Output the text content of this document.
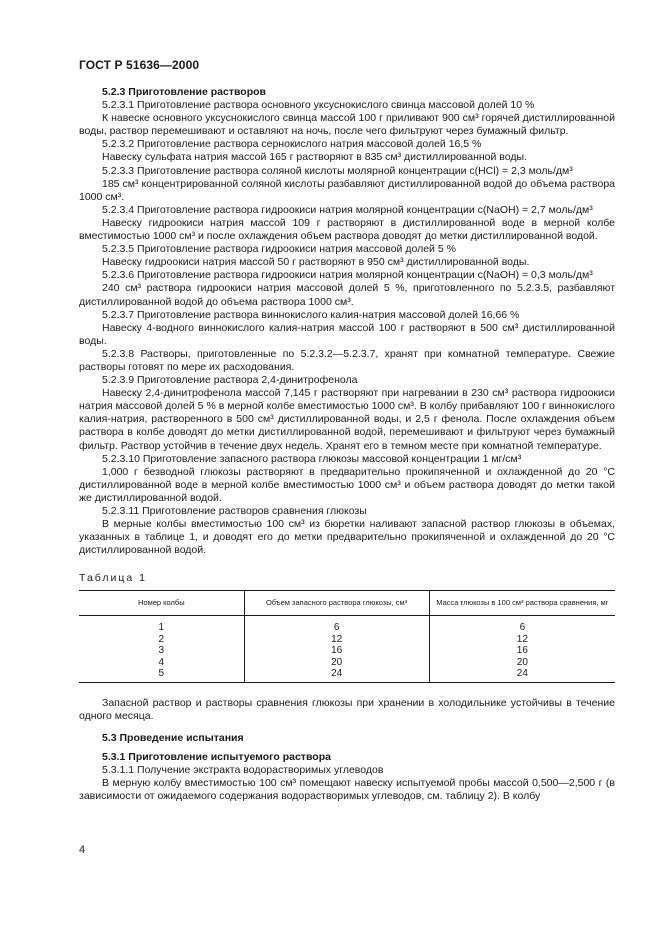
ГОСТ Р 51636—2000
5.2.3 Приготовление растворов

5.2.3.1 Приготовление раствора основного уксуснокислого свинца массовой долей 10 %

К навеске основного уксуснокислого свинца массой 100 г приливают 900 см³ горячей дистиллированной воды, раствор перемешивают и оставляют на ночь, после чего фильтруют через бумажный фильтр.

5.2.3.2 Приготовление раствора сернокислого натрия массовой долей 16,5 %

Навеску сульфата натрия массой 165 г растворяют в 835 см³ дистиллированной воды.

5.2.3.3 Приготовление раствора соляной кислоты молярной концентрации c(HCl) = 2,3 моль/дм³

185 см³ концентрированной соляной кислоты разбавляют дистиллированной водой до объема раствора 1000 см³.

5.2.3.4 Приготовление раствора гидроокиси натрия молярной концентрации c(NaOH) = 2,7 моль/дм³

Навеску гидроокиси натрия массой 109 г растворяют в дистиллированной воде в мерной колбе вместимостью 1000 см³ и после охлаждения объем раствора доводят до метки дистиллированной водой.

5.2.3.5 Приготовление раствора гидроокиси натрия массовой долей 5 %

Навеску гидроокиси натрия массой 50 г растворяют в 950 см³ дистиллированной воды.

5.2.3.6 Приготовление раствора гидроокиси натрия молярной концентрации c(NaOH) = 0,3 моль/дм³

240 см³ раствора гидроокиси натрия массовой долей 5 %, приготовленного по 5.2.3.5, разбавляют дистиллированной водой до объема раствора 1000 см³.

5.2.3.7 Приготовление раствора виннокислого калия-натрия массовой долей 16,66 %

Навеску 4-водного виннокислого калия-натрия массой 100 г растворяют в 500 см³ дистиллированной воды.

5.2.3.8 Растворы, приготовленные по 5.2.3.2—5.2.3.7, хранят при комнатной температуре. Свежие растворы готовят по мере их расходования.

5.2.3.9 Приготовление раствора 2,4-динитрофенола

Навеску 2,4-динитрофенола массой 7,145 г растворяют при нагревании в 230 см³ раствора гидроокиси натрия массовой долей 5 % в мерной колбе вместимостью 1000 см³. В колбу прибавляют 100 г виннокислого калия-натрия, растворенного в 500 см³ дистиллированной воды, и 2,5 г фенола. После охлаждения объем раствора в колбе доводят до метки дистиллированной водой, перемешивают и фильтруют через бумажный фильтр. Раствор устойчив в течение двух недель. Хранят его в темном месте при комнатной температуре.

5.2.3.10 Приготовление запасного раствора глюкозы массовой концентрации 1 мг/см³

1,000 г безводной глюкозы растворяют в предварительно прокипяченной и охлажденной до 20 °C дистиллированной воде в мерной колбе вместимостью 1000 см³ и объем раствора доводят до метки такой же дистиллированной водой.

5.2.3.11 Приготовление растворов сравнения глюкозы

В мерные колбы вместимостью 100 см³ из бюретки наливают запасной раствор глюкозы в объемах, указанных в таблице 1, и доводят его до метки предварительно прокипяченной и охлажденной до 20 °C дистиллированной водой.

Таблица 1
Номер колбы	Объем запасного раствора глюкозы, см³	Масса глюкозы в 100 см³ раствора сравнения, мг
1	6	6
2	12	12
3	16	16
4	20	20
5	24	24

Запасной раствор и растворы сравнения глюкозы при хранении в холодильнике устойчивы в течение одного месяца.

5.3 Проведение испытания
5.3.1 Приготовление испытуемого раствора

5.3.1.1 Получение экстракта водорастворимых углеводов

В мерную колбу вместимостью 100 см³ помещают навеску испытуемой пробы массой 0,500—2,500 г (в зависимости от ожидаемого содержания водорастворимых углеводов, см. таблицу 2). В колбу

4
